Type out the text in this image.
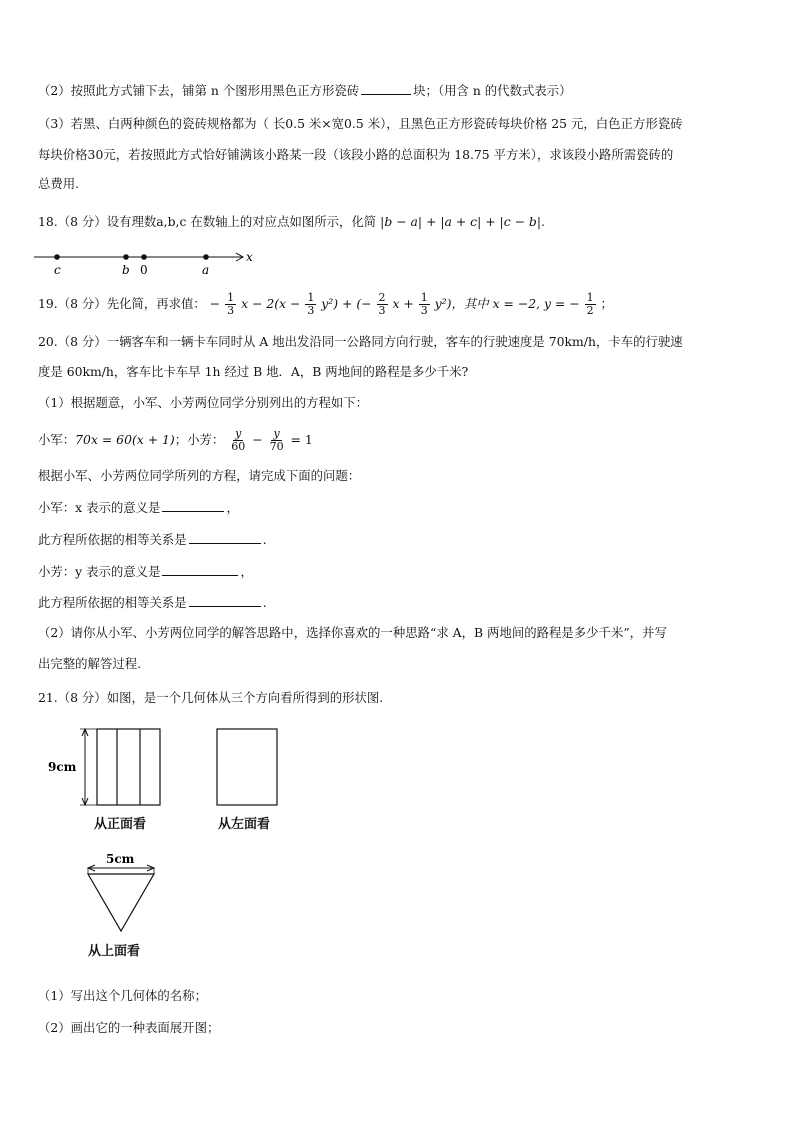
（2）按照此方式铺下去，铺第 n 个图形用黑色正方形瓷砖	块；（用含 n 的代数式表示）
（3）若黑、白两种颜色的瓷砖规格都为（ 长0.5 米×宽0.5 米），且黑色正方形瓷砖每块价格 25 元，白色正方形瓷砖
每块价格30元，若按照此方式恰好铺满该小路某一段（该段小路的总面积为 18.75 平方米），求该段小路所需瓷砖的
总费用.
18.（8 分）设有理数a,b,c 在数轴上的对应点如图所示，化简 |b − a| + |a + c| + |c − b|.
c	b 0	a
x
19.（8 分）先化简，再求值： − $\frac{1}{3}$ $x - 2(x - \frac{1}{3} y^2)$ + (− $\frac{2}{3}$ $x + \frac{1}{3} y^2$)，其中 x = −2, y = − $\frac{1}{2}$ ；
20.（8 分）一辆客车和一辆卡车同时从 A 地出发沿同一公路同方向行驶，客车的行驶速度是 70km/h，卡车的行驶速
度是 60km/h，客车比卡车早 1h 经过 B 地．A，B 两地间的路程是多少千米?
（1）根据题意，小军、小芳两位同学分别列出的方程如下：
小军：70x = 60(x + 1)；小芳： $\frac{y}{60} - \frac{y}{70} = 1$
根据小军、小芳两位同学所列的方程，请完成下面的问题：
小军：x 表示的意义是	，
此方程所依据的相等关系是	.
小芳：y 表示的意义是	，
此方程所依据的相等关系是	.
（2）请你从小军、小芳两位同学的解答思路中，选择你喜欢的一种思路“求 A，B 两地间的路程是多少千米”，并写
出完整的解答过程.
21.（8 分）如图，是一个几何体从三个方向看所得到的形状图.
9cm
5cm
从正面看	从左面看
从上面看
（1）写出这个几何体的名称；
（2）画出它的一种表面展开图；
